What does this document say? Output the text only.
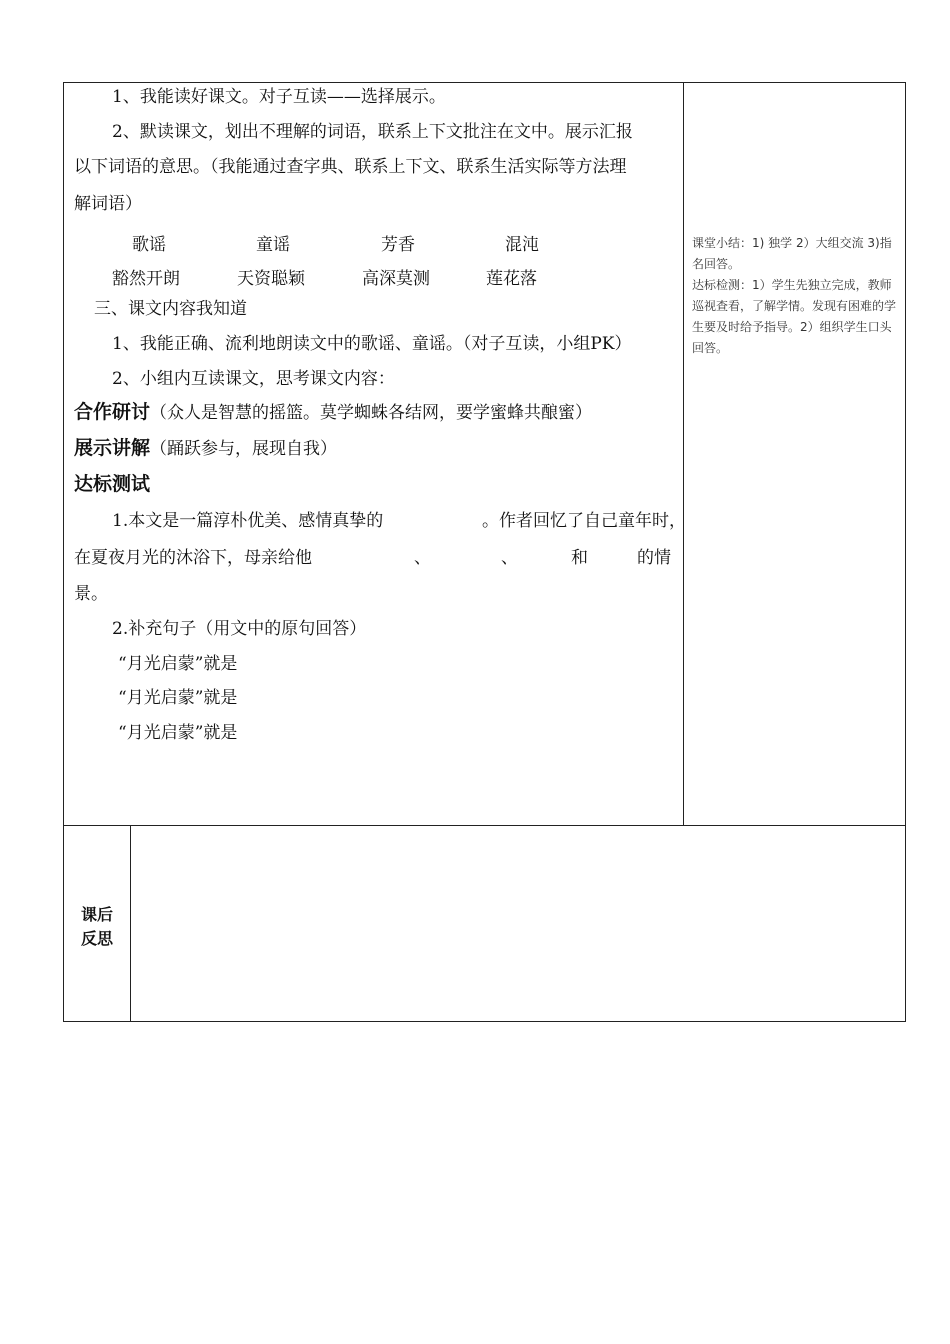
1、我能读好课文。对子互读——选择展示。
2、默读课文，划出不理解的词语，联系上下文批注在文中。展示汇报
以下词语的意思。（我能通过查字典、联系上下文、联系生活实际等方法理
解词语）
歌谣	童谣	芳香	混沌
豁然开朗	天资聪颖	高深莫测	莲花落
三、课文内容我知道
1、我能正确、流利地朗读文中的歌谣、童谣。（对子互读，小组PK）
2、小组内互读课文，思考课文内容：
合作研讨（众人是智慧的摇篮。莫学蜘蛛各结网，要学蜜蜂共酿蜜）
展示讲解（踊跃参与，展现自我）
达标测试
1.本文是一篇淳朴优美、感情真挚的	。作者回忆了自己童年时，
在夏夜月光的沐浴下，母亲给他	、	、	和	的情
景。
2.补充句子（用文中的原句回答）
“月光启蒙”就是
“月光启蒙”就是
“月光启蒙”就是

课堂小结：1) 独学 2）大组交流 3)指名回答。

达标检测：1）学生先独立完成，教师巡视查看，了解学情。发现有困难的学生要及时给予指导。2）组织学生口头回答。

课后
反思
